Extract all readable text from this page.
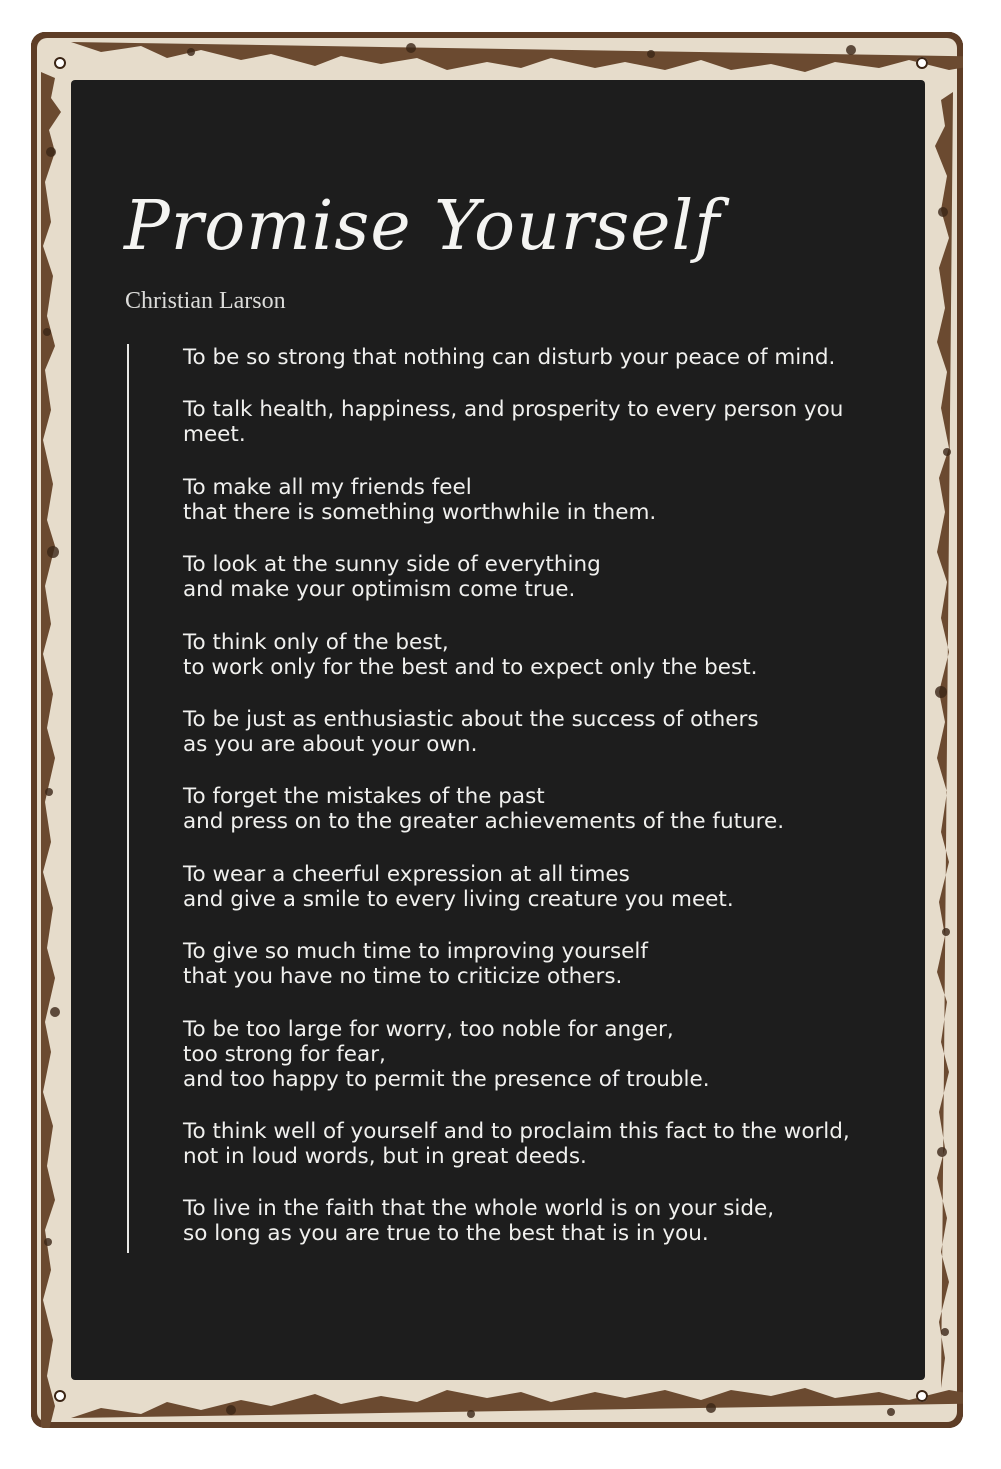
Promise Yourself

Christian Larson

To be so strong that nothing can disturb your peace of mind.
To talk health, happiness, and prosperity to every person you
meet.
To make all my friends feel
that there is something worthwhile in them.
To look at the sunny side of everything
and make your optimism come true.
To think only of the best,
to work only for the best and to expect only the best.
To be just as enthusiastic about the success of others
as you are about your own.
To forget the mistakes of the past
and press on to the greater achievements of the future.
To wear a cheerful expression at all times
and give a smile to every living creature you meet.
To give so much time to improving yourself
that you have no time to criticize others.
To be too large for worry, too noble for anger,
too strong for fear,
and too happy to permit the presence of trouble.
To think well of yourself and to proclaim this fact to the world,
not in loud words, but in great deeds.
To live in the faith that the whole world is on your side,
so long as you are true to the best that is in you.
